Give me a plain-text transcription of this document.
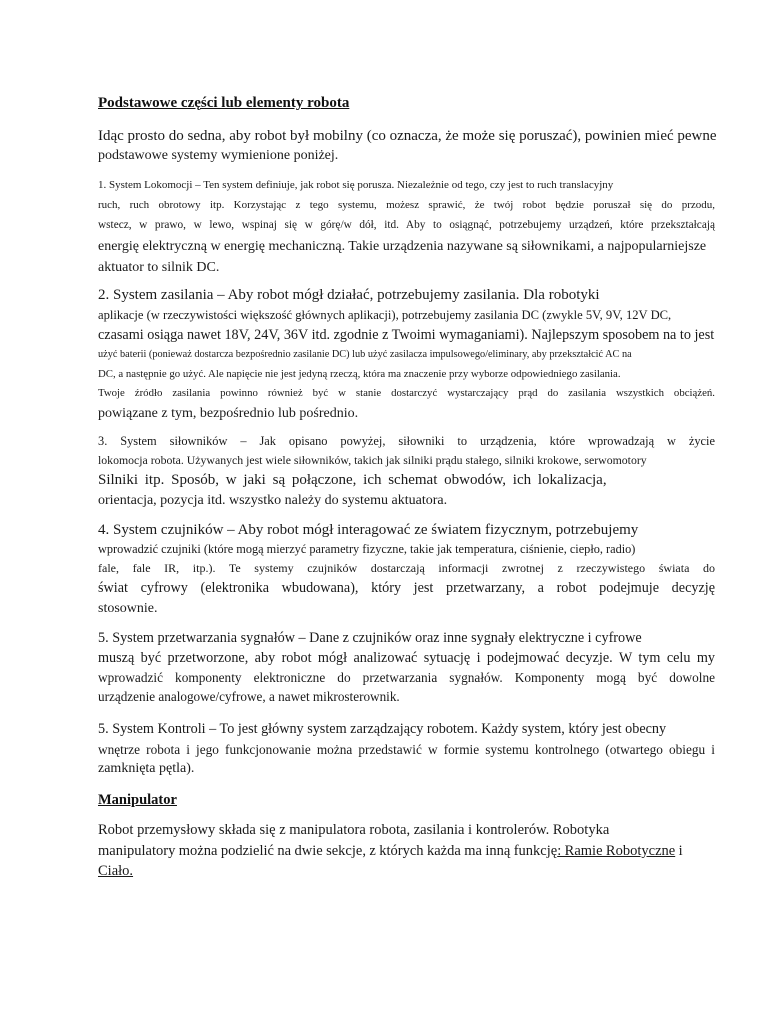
Podstawowe części lub elementy robota
Idąc prosto do sedna, aby robot był mobilny (co oznacza, że może się poruszać), powinien mieć pewne
podstawowe systemy wymienione poniżej.
1. System Lokomocji – Ten system definiuje, jak robot się porusza. Niezależnie od tego, czy jest to ruch translacyjny
ruch, ruch obrotowy itp. Korzystając z tego systemu, możesz sprawić, że twój robot będzie poruszał się do przodu,
wstecz, w prawo, w lewo, wspinaj się w górę/w dół, itd. Aby to osiągnąć, potrzebujemy urządzeń, które przekształcają
energię elektryczną w energię mechaniczną. Takie urządzenia nazywane są siłownikami, a najpopularniejsze
aktuator to silnik DC.
2. System zasilania – Aby robot mógł działać, potrzebujemy zasilania. Dla robotyki
aplikacje (w rzeczywistości większość głównych aplikacji), potrzebujemy zasilania DC (zwykle 5V, 9V, 12V DC,
czasami osiąga nawet 18V, 24V, 36V itd. zgodnie z Twoimi wymaganiami). Najlepszym sposobem na to jest
użyć baterii (ponieważ dostarcza bezpośrednio zasilanie DC) lub użyć zasilacza impulsowego/eliminary, aby przekształcić AC na
DC, a następnie go użyć. Ale napięcie nie jest jedyną rzeczą, która ma znaczenie przy wyborze odpowiedniego zasilania.
Twoje źródło zasilania powinno również być w stanie dostarczyć wystarczający prąd do zasilania wszystkich obciążeń.
powiązane z tym, bezpośrednio lub pośrednio.
3. System siłowników – Jak opisano powyżej, siłowniki to urządzenia, które wprowadzają w życie
lokomocja robota. Używanych jest wiele siłowników, takich jak silniki prądu stałego, silniki krokowe, serwomotory
Silniki itp. Sposób, w jaki są połączone, ich schemat obwodów, ich lokalizacja,
orientacja, pozycja itd. wszystko należy do systemu aktuatora.
4. System czujników – Aby robot mógł interagować ze światem fizycznym, potrzebujemy
wprowadzić czujniki (które mogą mierzyć parametry fizyczne, takie jak temperatura, ciśnienie, ciepło, radio)
fale, fale IR, itp.). Te systemy czujników dostarczają informacji zwrotnej z rzeczywistego świata do
świat cyfrowy (elektronika wbudowana), który jest przetwarzany, a robot podejmuje decyzję
stosownie.
5. System przetwarzania sygnałów – Dane z czujników oraz inne sygnały elektryczne i cyfrowe
muszą być przetworzone, aby robot mógł analizować sytuację i podejmować decyzje. W tym celu my
wprowadzić komponenty elektroniczne do przetwarzania sygnałów. Komponenty mogą być dowolne
urządzenie analogowe/cyfrowe, a nawet mikrosterownik.
5. System Kontroli – To jest główny system zarządzający robotem. Każdy system, który jest obecny
wnętrze robota i jego funkcjonowanie można przedstawić w formie systemu kontrolnego (otwartego obiegu i
zamknięta pętla).
Manipulator
Robot przemysłowy składa się z manipulatora robota, zasilania i kontrolerów. Robotyka
manipulatory można podzielić na dwie sekcje, z których każda ma inną funkcję: Ramie Robotyczne i
Ciało.
